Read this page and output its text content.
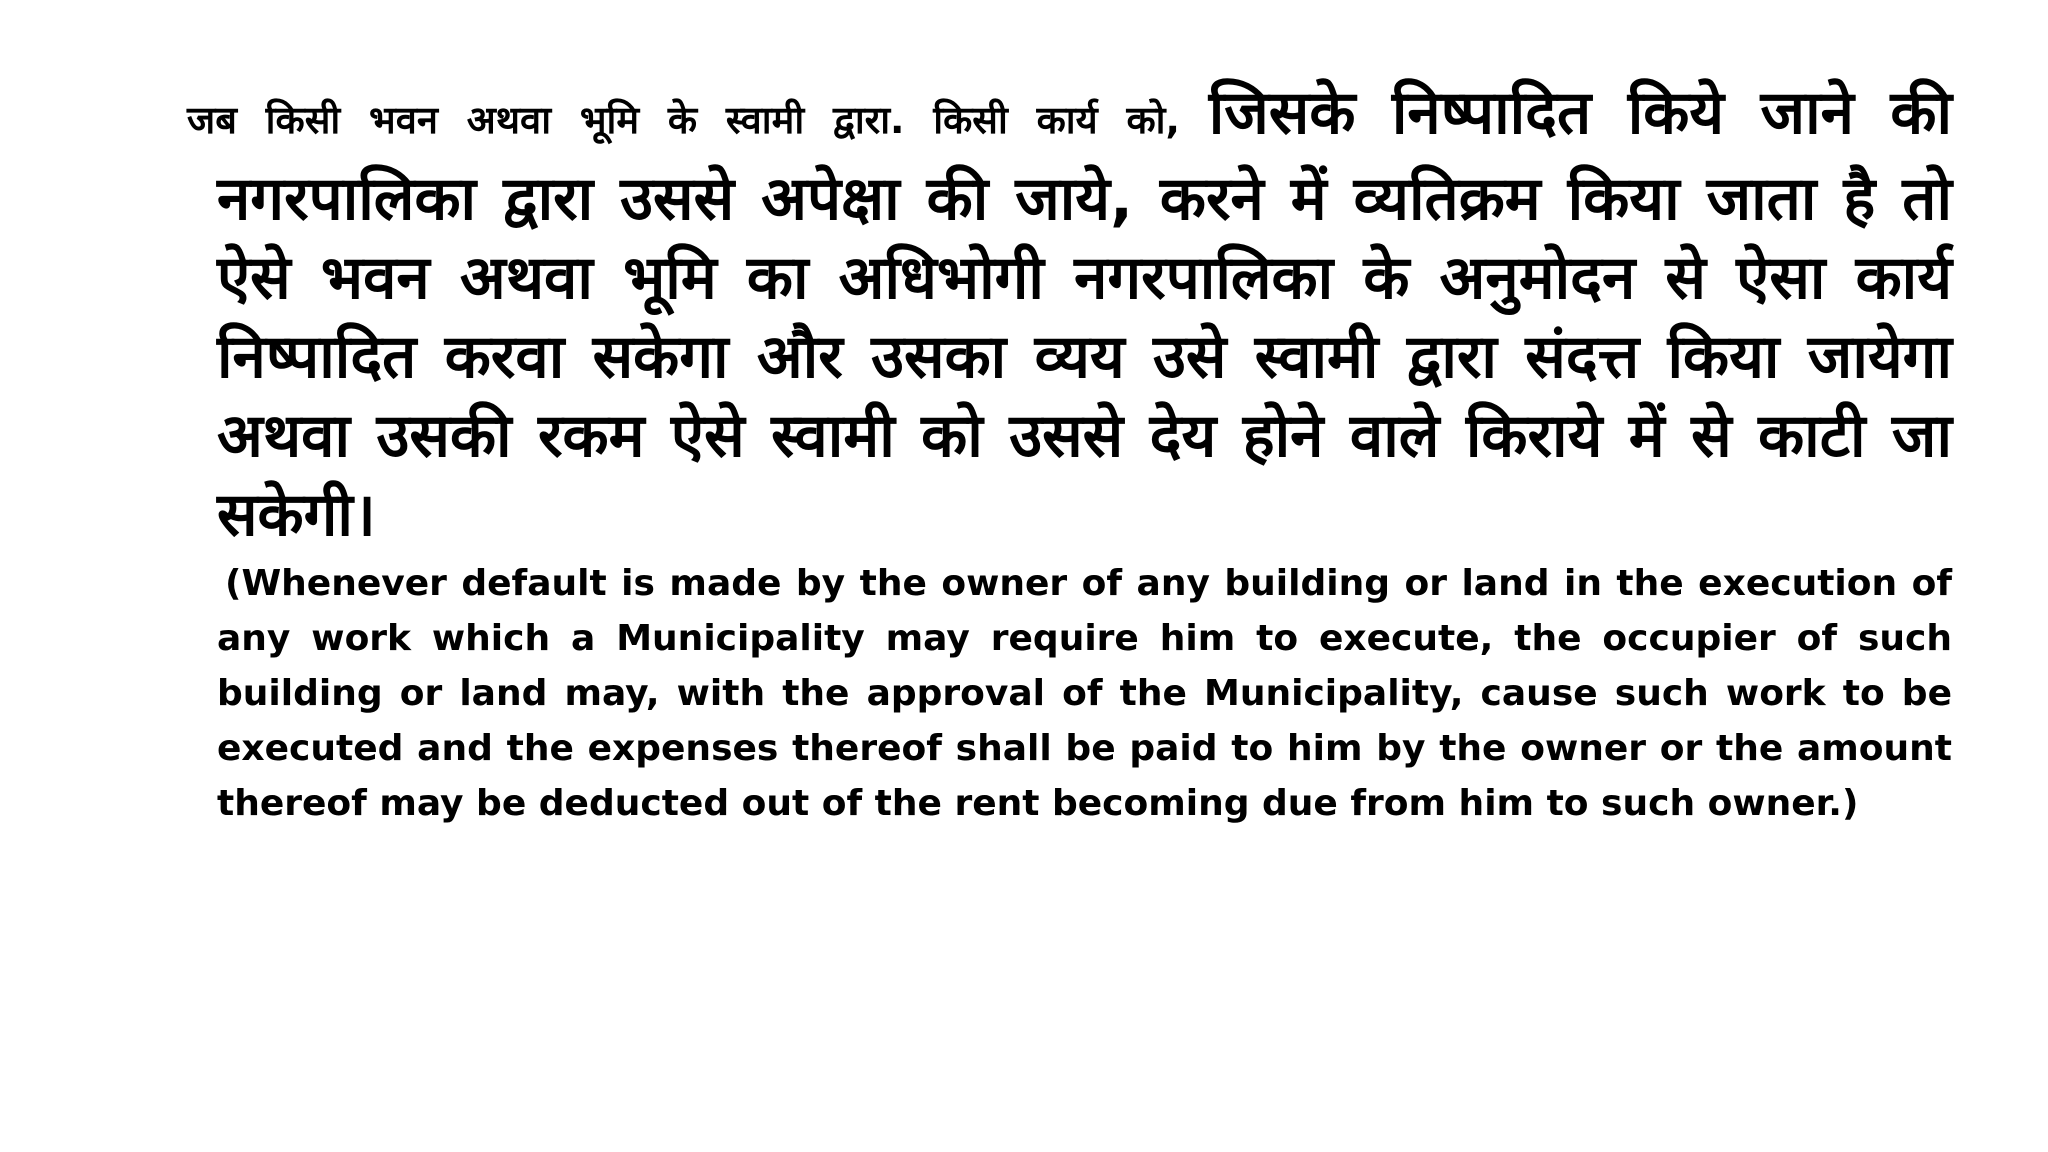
जब किसी भवन अथवा भूमि के स्वामी द्वारा. किसी कार्य को, जिसके निष्पादित किये जाने की नगरपालिका द्वारा उससे अपेक्षा की जाये, करने में व्यतिक्रम किया जाता है तो ऐसे भवन अथवा भूमि का अधिभोगी नगरपालिका के अनुमोदन से ऐसा कार्य निष्पादित करवा सकेगा और उसका व्यय उसे स्वामी द्वारा संदत्त किया जायेगा अथवा उसकी रकम ऐसे स्वामी को उससे देय होने वाले किराये में से काटी जा सकेगी।

(Whenever default is made by the owner of any building or land in the execution of any work which a Municipality may require him to execute, the occupier of such building or land may, with the approval of the Municipality, cause such work to be executed and the expenses thereof shall be paid to him by the owner or the amount thereof may be deducted out of the rent becoming due from him to such owner.)
